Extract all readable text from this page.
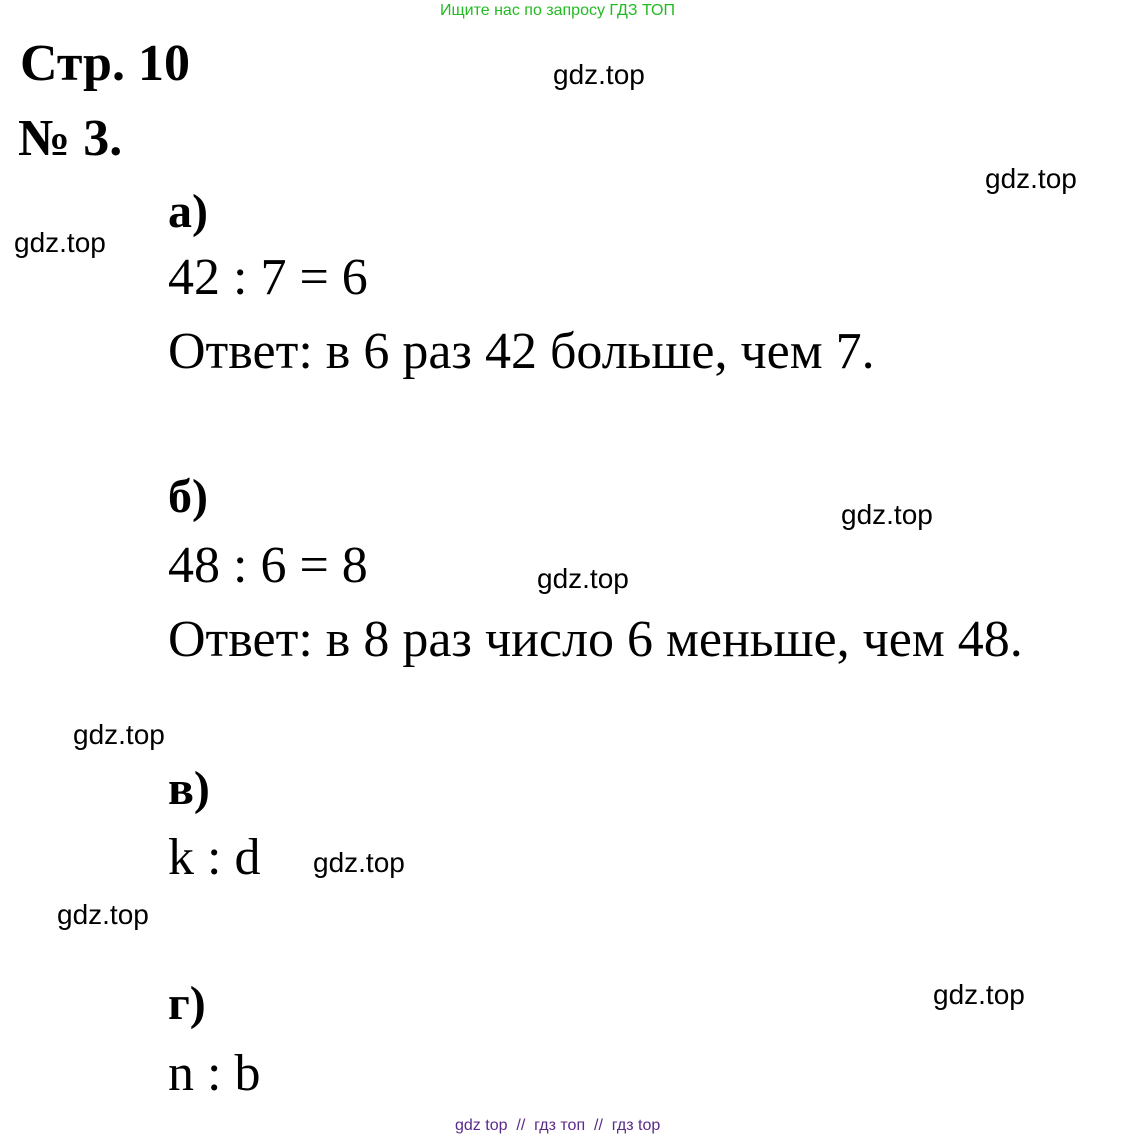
Ищите нас по запросу ГДЗ ТОП
Стр. 10
№ 3.
а)
42 : 7 = 6
Ответ: в 6 раз 42 больше, чем 7.
б)
48 : 6 = 8
Ответ: в 8 раз число 6 меньше, чем 48.
в)
k : d
г)
n : b
gdz.top
gdz.top
gdz.top
gdz.top
gdz.top
gdz.top
gdz.top
gdz.top
gdz.top
gdz top  //  гдз топ  //  гдз top
